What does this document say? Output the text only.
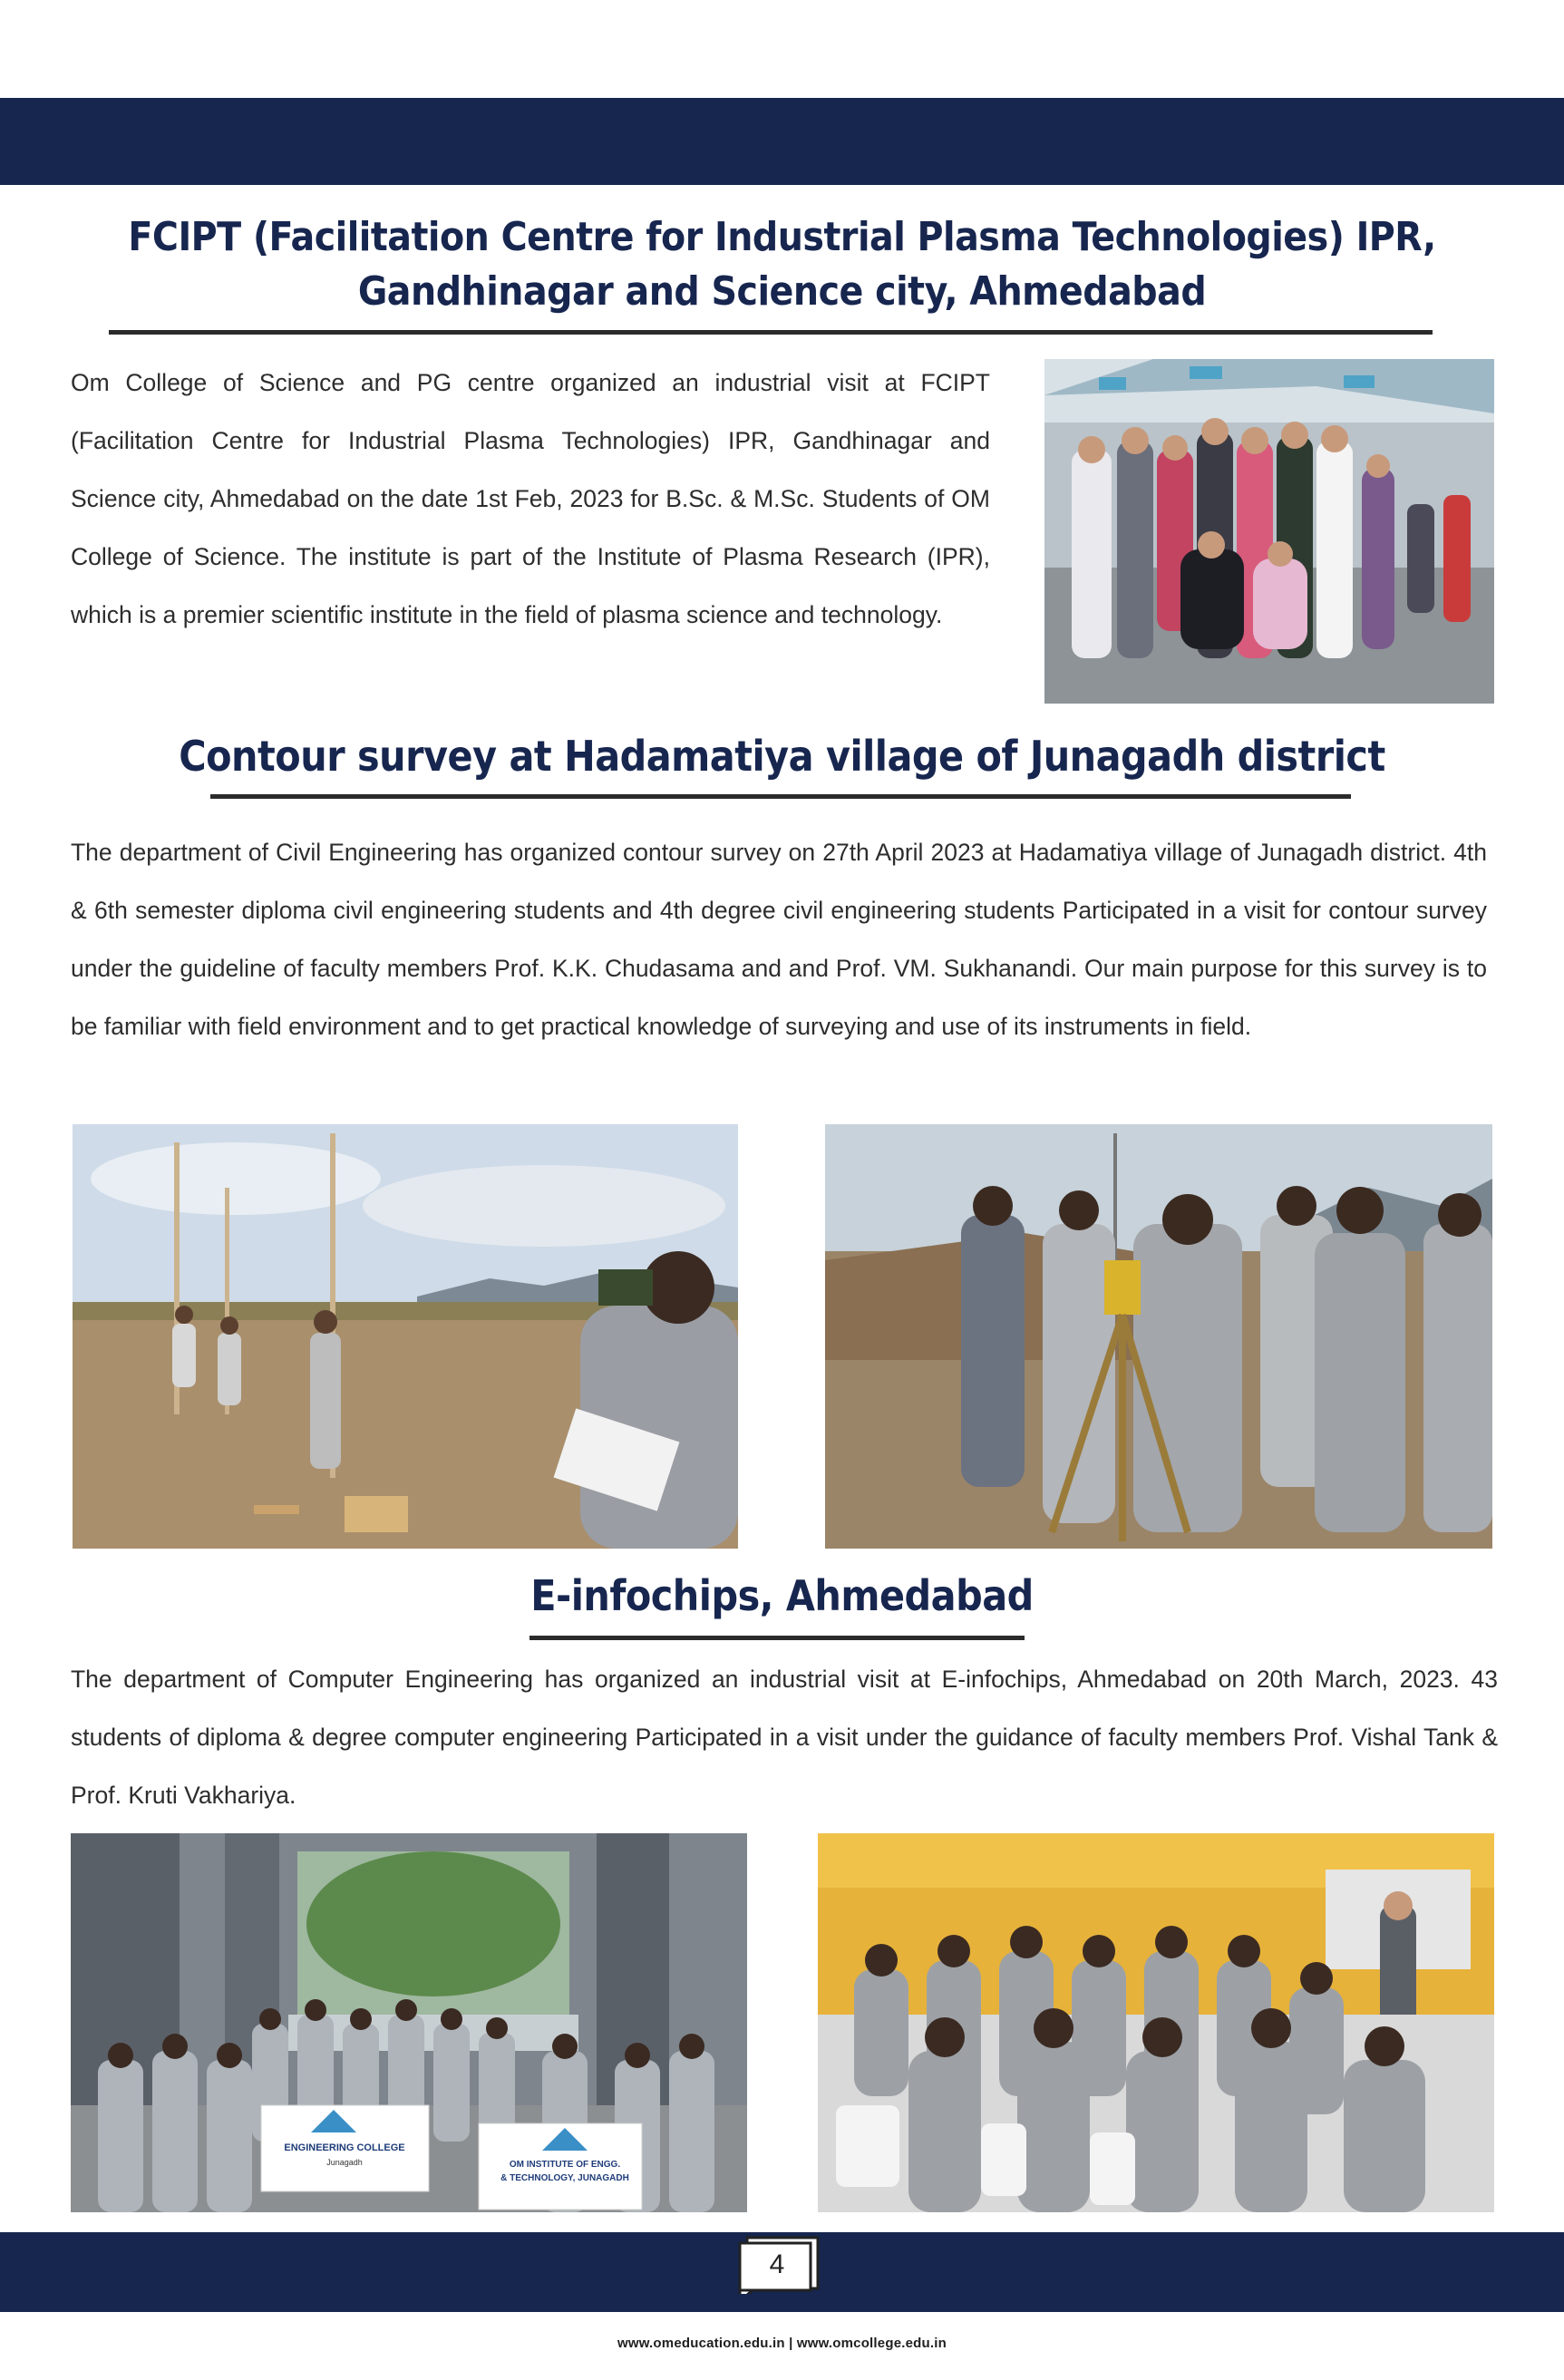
FCIPT (Facilitation Centre for Industrial Plasma Technologies) IPR,
Gandhinagar and Science city, Ahmedabad

Om College of Science and PG centre organized an industrial visit at FCIPT (Facilitation Centre for Industrial Plasma Technologies) IPR, Gandhinagar and Science city, Ahmedabad on the date 1st Feb, 2023 for B.Sc. & M.Sc. Students of OM College of Science. The institute is part of the Institute of Plasma Research (IPR), which is a premier scientific institute in the field of plasma science and technology.

Contour survey at Hadamatiya village of Junagadh district

The department of Civil Engineering has organized contour survey on 27th April 2023 at Hadamatiya village of Junagadh district. 4th & 6th semester diploma civil engineering students and 4th degree civil engineering students Participated in a visit for contour survey under the guideline of faculty members Prof. K.K. Chudasama and and Prof. VM. Sukhanandi. Our main purpose for this survey is to be familiar with field environment and to get practical knowledge of surveying and use of its instruments in field.

E-infochips, Ahmedabad

The department of Computer Engineering has organized an industrial visit at E-infochips, Ahmedabad on 20th March, 2023. 43 students of diploma & degree computer engineering Participated in a visit under the guidance of faculty members Prof. Vishal Tank & Prof. Kruti Vakhariya.

ENGINEERING COLLEGE
Junagadh	OM INSTITUTE OF ENGG.
& TECHNOLOGY, JUNAGADH
4
www.omeducation.edu.in | www.omcollege.edu.in
